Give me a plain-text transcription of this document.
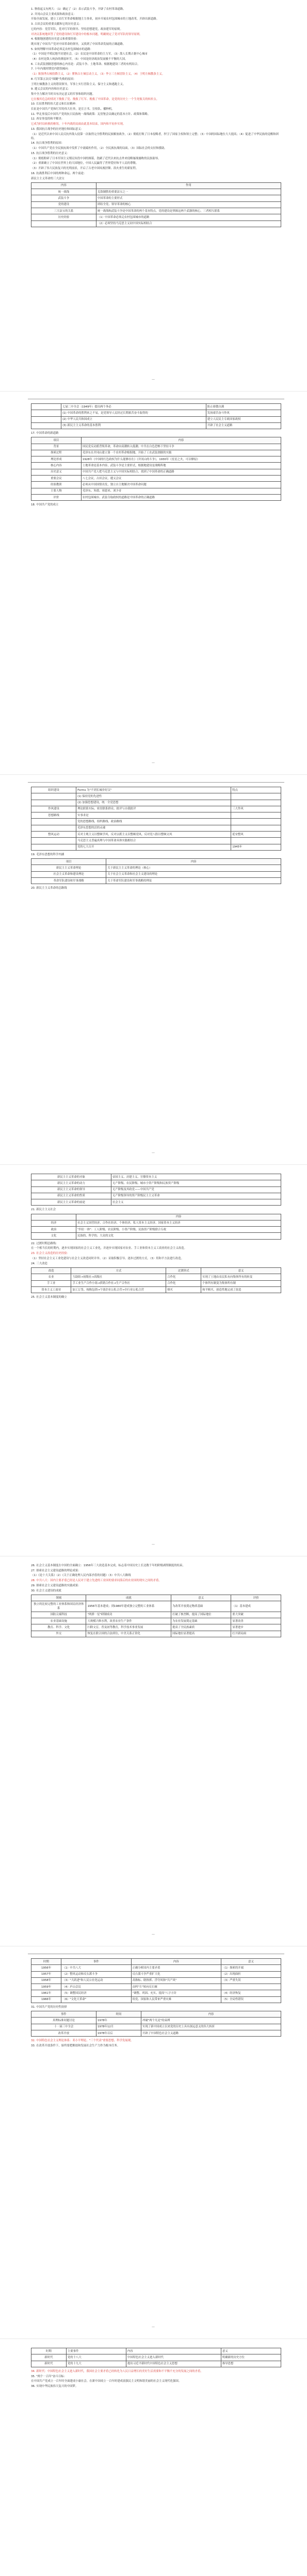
1. 秋收起义有两大：（1）确定了（2）表示武装斗争，开辟了农村革命道路。
2. 井冈山会议主要成果和政治意义：
开始全面发展，建立工农红军革命根据地主力事业，初步开展农村包围城市的土地改革，开辟出新道路。
3. 古田会议的重要贡献和它的历史意义：
它的内容：党管军队，党对红军的领导、坚持思想建党，政治建军的原则。
对决议系统地回答了党的建设和红军建设中的根本问题，明确规定了党对军队的领导原则。
4. 根据地创建的历史意义和重要经验：
既实现了中国共产党对中国革命的领导，又找到了中国革命发展的正确道路。
5. 如何理解中国革命必须走农村包围城市的道路：
（1）中国是半殖民地半封建社会，（2）农民是中国革命的主力军，（3）敌人长期占据中心城市
（4）农村是敌人统治的薄弱环节，（5）中国是经济政治发展极不平衡的大国。
6. 工农武装割据思想的核心内容是：武装斗争、土地革命、根据地建设三者的有机结合。
7. 十年内战时期党内错误倾向：
（1）陈独秀右倾投降主义，（2）瞿秋白左倾盲动主义，（3）李立三左倾冒险主义，（4）王明左倾教条主义。
8. 红军第五次反"围剿"失败的原因：
王明左倾教条主义的错误领导，军事上实行冒险主义、保守主义和逃跑主义。
9. 遵义会议的内容和历史意义：
集中全力解决当时具有决定意义的军事和组织问题。
它在极其危急的情况下挽救了党、挽救了红军、挽救了中国革命，是党的历史上一个生死攸关的转折点。
10. 长征胜利的伟大意义和长征精神：
长征是中国共产党和红军的伟大壮举，是宣言书、宣传队、播种机。
11. 华北事变后中国共产党的抗日民族统一战线政策：瓦窑堡会议确定的基本方针、政策和策略。
12. 西安事变的和平解决：
它成为时局转换的枢纽，十年内战的局面由此基本结束，国内和平初步实现。
13. 我国抗日战争的历史地位和国际意义：
（1）是近代以来中国人民反抗外敌入侵第一次取得完全胜利的民族解放战争，（2）彻底打败了日本侵略者，捍卫了国家主权和领土完整；（3）中国的国际地位大大提高；（4）促进了中华民族的觉醒和团结。
14. 抗日战争胜利的原因：
（1）中国共产党在全民族抗战中发挥了中流砥柱作用，（2）全民族抗战的局面，（3）国际社会的支持和援助。
15. 抗日战争胜利的历史意义：
（1）彻底粉碎了日本军国主义殖民奴役中国的图谋，洗刷了近代以来抗击外来侵略屡战屡败的民族耻辱。
（2）重新确立了中国在世界上的大国地位，中国人民赢得了世界爱好和平人民的尊敬。
（3）开辟了伟大民族复兴的光明前景，开启了古老中国凤凰涅槃、浴火重生的新征程。
16. 抗战胜利后中国的两种命运、两个前途：
新民主主义革命的三大法宝
内容	作用
统一战线	克敌制胜的重要法宝之一
武装斗争	中国革命的主要形式
党的建设	团结全党、领导革命的核心
三大法宝的关系	统一战线和武装斗争是中国革命的两个基本特点，党的建设是掌握这两个武器的核心，三者相互联系
历史经验	（1）中国革命必须走农村包围城市的道路
	（2）必须坚持马克思主义同中国实际相结合
—
	七届二中全会（1949年）提出两个务必	防止骄傲自满
	(1) 中国革命的胜利来之不易，是党领导人民经过长期艰苦奋斗取得的	发扬艰苦奋斗作风
	(2) 中华人民共和国成立	建立人民民主专政国家政权
	(3) 新民主主义革命的基本胜利	开辟了社会主义道路
17. 中国革命的新道路
项目	内容
背景	国民党反动派背叛革命，革命由高潮转入低潮；中共在白色恐怖下坚持斗争
探索过程	毛泽东在井冈山建立第一个农村革命根据地，开始了工农武装割据的实践
理论形成	1928年《中国的红色政权为什么能够存在》《井冈山的斗争》，1930年《星星之火，可以燎原》
核心内容	土地革命是基本内容，武装斗争是主要形式，根据地建设是战略阵地
历史意义	中国共产党人把马克思主义与中国实际相结合，找到了中国革命的正确道路
重要会议	八七会议，古田会议，遵义会议
经验教训	必须从中国国情出发，独立自主地解决中国革命问题
主要人物	毛泽东、朱德、周恩来、刘少奇
评价	农村包围城市、武装夺取政权的道路是中国革命的正确道路
18. 中国共产党的成立
—
组织建设	Forms 为"不到长城非好汉"	特点
	(1) 保持党的先进性	
	(2) 加强思想建设，统一全党思想	
作风建设	理论联系实际、密切联系群众、批评与自我批评	三大作风
思想路线	实事求是	
	党的思想路线、组织路线、政治路线	
	毛泽东思想的活的灵魂	
整风运动	反对主观主义以整顿学风，反对宗派主义以整顿党风，反对党八股以整顿文风	延安整风
	马克思主义普遍真理与中国革命具体实践相结合	
	党的七大召开	1945年
19. 毛泽东思想的科学内涵
项目	内容
新民主主义革命理论	关于新民主主义革命的理论（核心）
社会主义革命和建设理论	关于社会主义革命和社会主义建设的理论
革命军队建设和军事战略	关于革命军队建设和军事战略的理论
20. 新民主主义革命的总路线
—
新民主主义革命的对象	帝国主义、封建主义、官僚资本主义
新民主主义革命的动力	无产阶级、农民阶级、城市小资产阶级和民族资产阶级
新民主主义革命的领导	无产阶级及其政党——中国共产党
新民主主义革命的性质	无产阶级领导的资产阶级民主主义革命
新民主主义革命的前途	社会主义
21. 新民主主义社会
	内容
经济	社会主义国营经济、合作社经济、个体经济、私人资本主义经济、国家资本主义经济
政治	"四位一体"：工人阶级、农民阶级、小资产阶级、民族资产阶级联合专政
文化	民族的、科学的、大众的文化
22. 过渡时期总路线：
在一个相当长的时期内，逐步实现国家的社会主义工业化，并逐步实现国家对农业、手工业和资本主义工商业的社会主义改造。
23. 社会主义改造的历史经验：
（1）坚持社会主义工业化建设与社会主义改造同时并举。（2）采取积极引导、逐步过渡的方式。（3）用和平方法进行改造。
24. 三大改造
改造	方式	过渡形式	意义
农业	互助组→初级社→高级社	合作化	实现了土地由农民私有向集体所有的转变
手工业	手工业生产合作小组→供销合作社→生产合作社	合作化	个体所有制变为集体所有制
资本主义工商业	加工订货、统购包销→个别企业公私合营→全行业公私合营	赎买	和平赎买，创造性地完成了改造
25. 社会主义基本制度的确立
—
26. 社会主义基本制度在中国的全面确立：1956年三大改造基本完成，标志着中国历史上长达数千年的阶级剥削制度的结束。
27. 探索社会主义建设道路的理论成果：
（1）《论十大关系》（2）《关于正确处理人民内部矛盾的问题》（3）中共八大路线
28. 中共八大：国内主要矛盾已经是人民对于建立先进的工业国的要求同落后的农业国的现实之间的矛盾。
29. 探索社会主义建设道路的实践成果：
30. 社会主义建设的成就
领域	成就	意义	评价
独立的比较完整的工业体系和国民经济体系	1956年基本建成；到1980年建成独立完整的工业体系	为改革开放奠定物质基础	（1）基本建成
国防尖端科技	"两弹一星"研制成功	打破了核垄断，提高了国际地位	重大突破
农业基础设施	大规模兴修水利，改善农业生产条件	为农业发展奠定基础	显著改善
教育、科学、文化	扫除文盲，普及初等教育，科学技术事业发展	提高了全民族素质	显著进步
外交	恢复在联合国的合法席位，中美关系正常化	国际地位显著提高	打开新局面
—
时期	事件	内容	意义
1956年	（1）中共八大	正确分析国内主要矛盾	（1）探索的开端
1957年	（2）整风运动和反右派斗争	反右派斗争严重扩大化	（2）出现曲折
1958年	（3）"大跃进"和人民公社化运动	高指标、瞎指挥、浮夸风和"共产风"	（3）严重失误
1959年	（4）庐山会议	由纠"左"转向反右倾	
1961年	（5）调整国民经济	"调整、巩固、充实、提高"八字方针	（4）经济恢复
1966年	（6）"文化大革命"	给党、国家和人民带来严重灾难	（5）全局性错误
31. 中国共产党的历史性抉择
事件	时间	内容
真理标准问题讨论	1978年	冲破"两个凡是"的束缚
十一届三中全会	1978年12月	实现了新中国成立以来党的历史上具有深远意义的伟大转折
改革开放	1978年以后	开辟了中国特色社会主义道路
32. 中国特色社会主义理论体系：邓小平理论、"三个代表"重要思想、科学发展观。
33. 在改革开放条件下，始终要把解放和发展社会生产力作为根本任务。
—
时期	主要事件	内容	意义
新时代	党的十八大	中国特色社会主义进入新时代	明确新的历史方位
新时代	党的十九大	提出习近平新时代中国特色社会主义思想	指导思想
34. 新时代：中国特色社会主义进入新时代，我国社会主要矛盾已经转化为人民日益增长的美好生活需要和不平衡不充分的发展之间的矛盾。
35. "两个一百年"奋斗目标：
在中国共产党成立一百年时全面建成小康社会，在新中国成立一百年时建成富强民主文明和谐美丽的社会主义现代化强国。
36. 实现中华民族伟大复兴的中国梦。
